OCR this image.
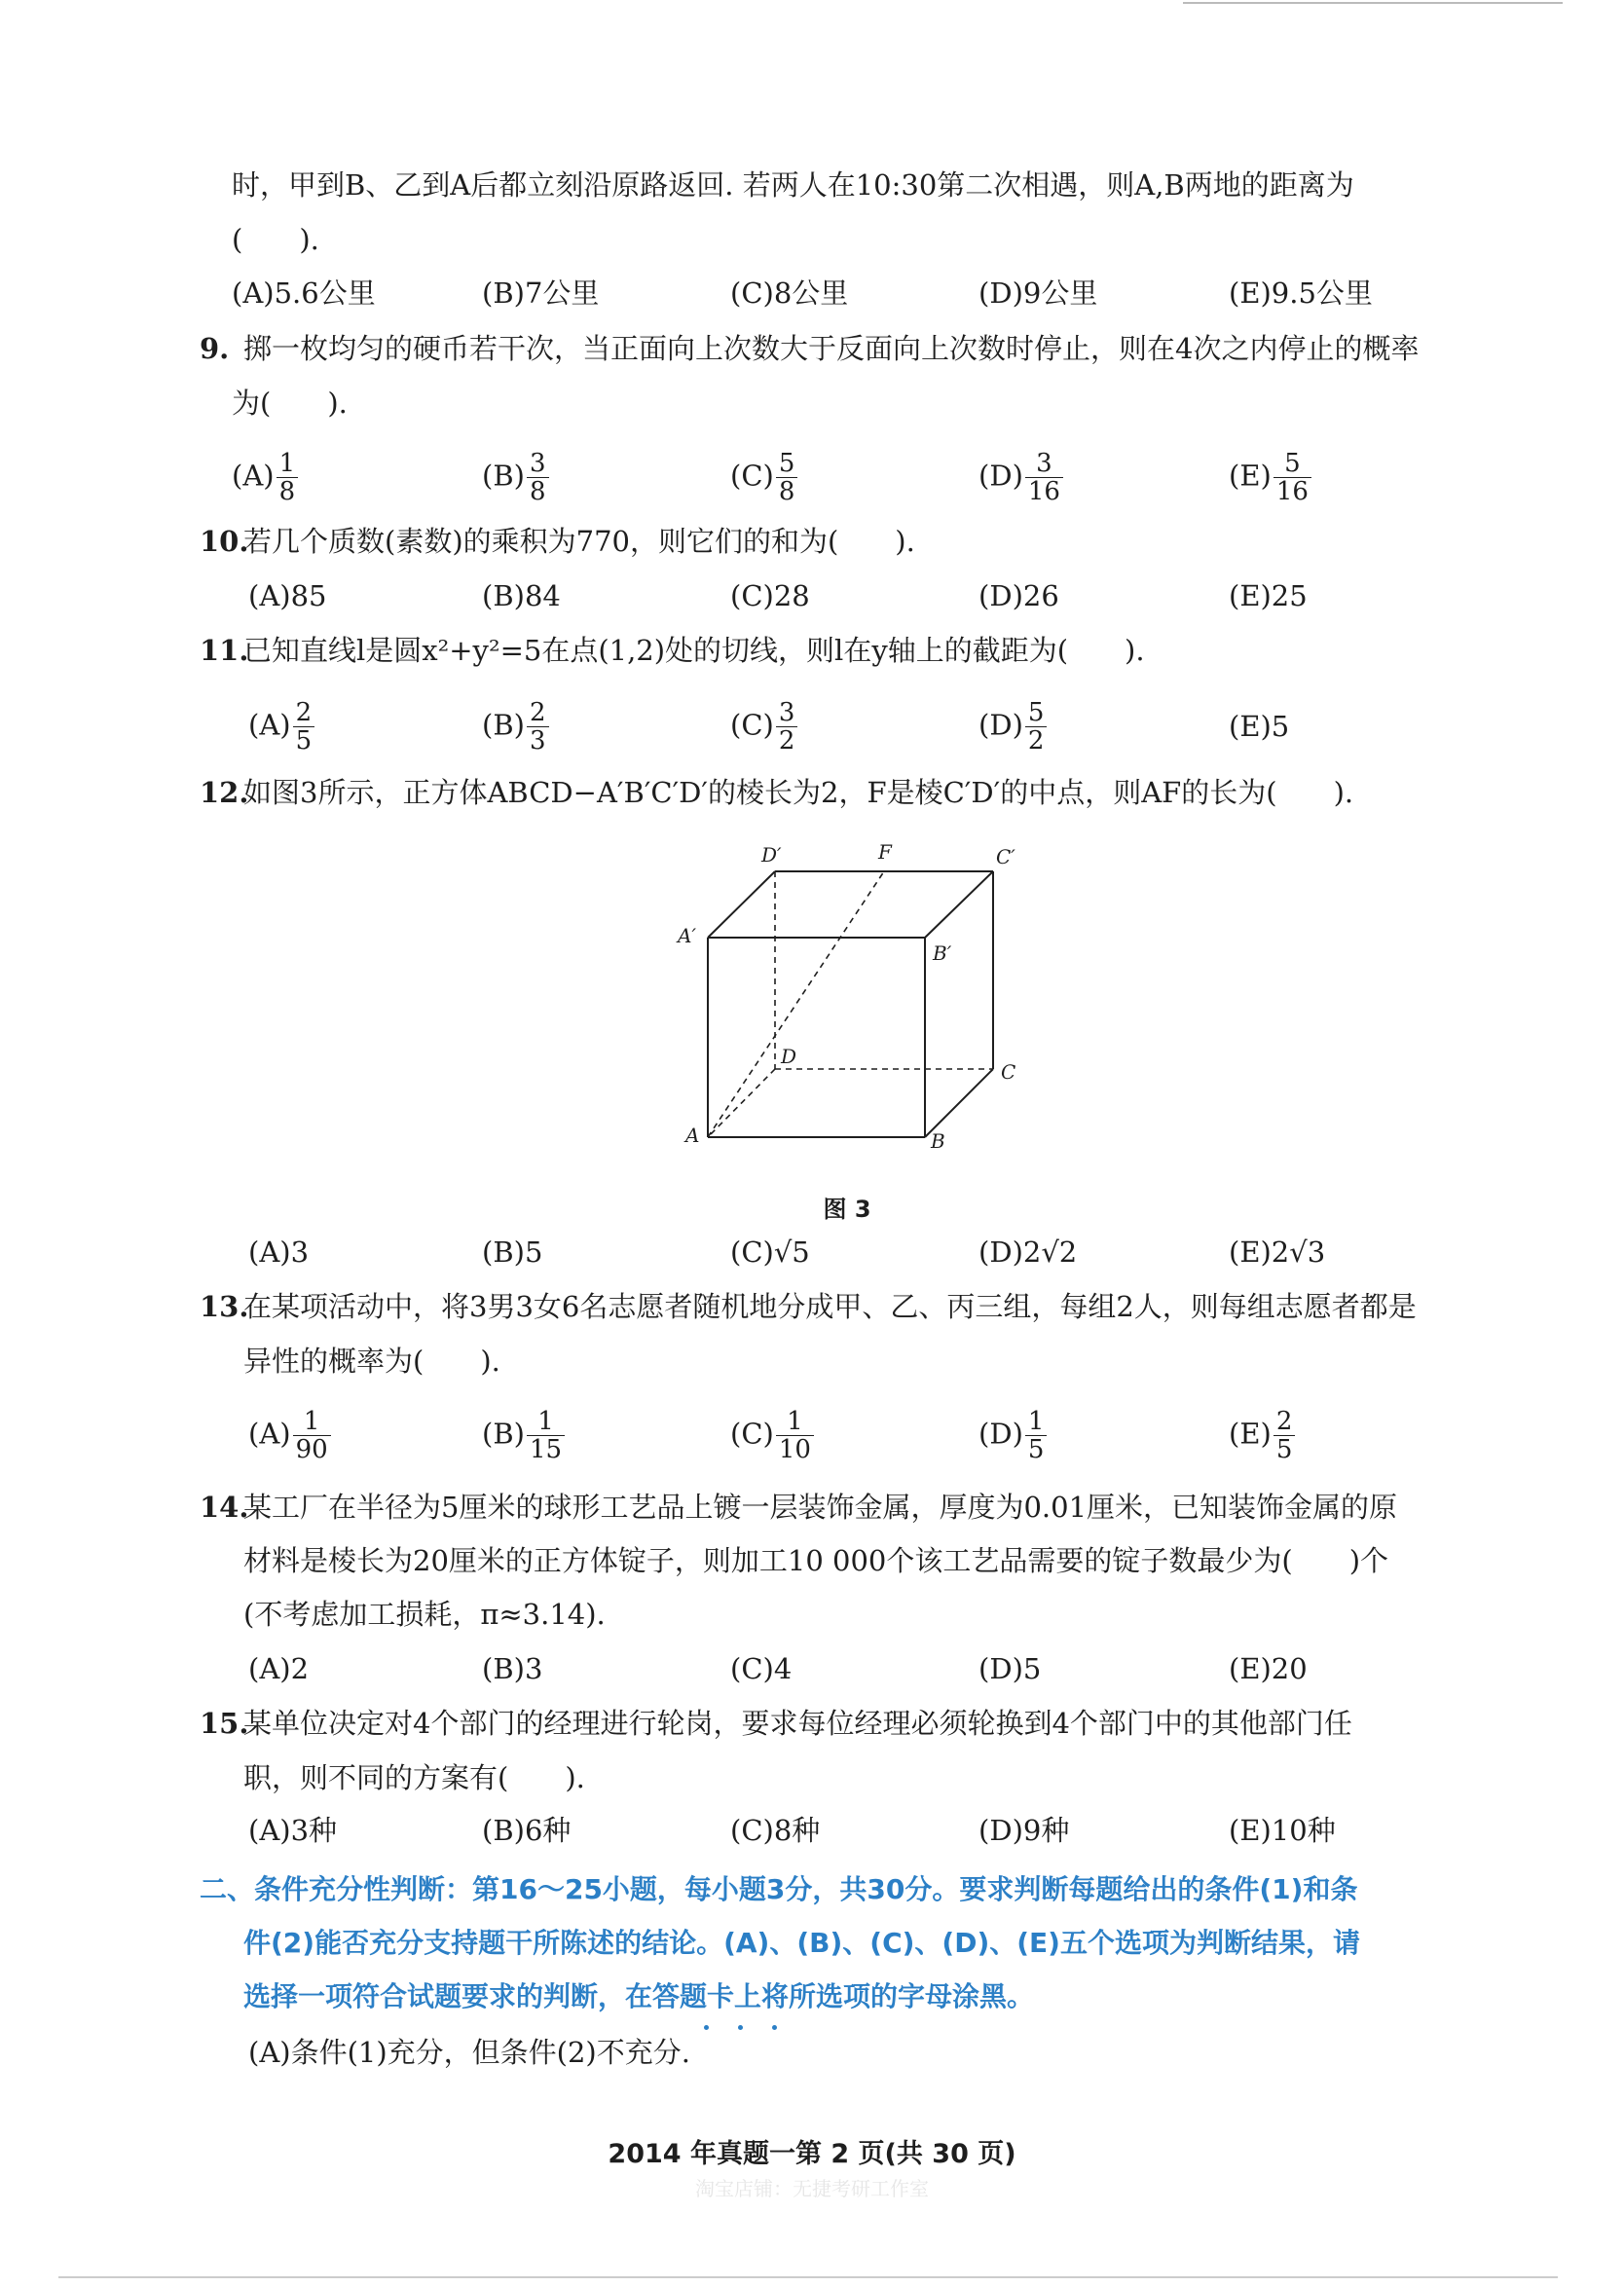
时，甲到B、乙到A后都立刻沿原路返回. 若两人在10:30第二次相遇，则A,B两地的距离为
(　　).
(A)5.6公里	(B)7公里	(C)8公里	(D)9公里	(E)9.5公里
9. 掷一枚均匀的硬币若干次，当正面向上次数大于反面向上次数时停止，则在4次之内停止的概率
为(　　).
$(A) \frac{1}{8}$	$(B) \frac{3}{8}$	$(C) \frac{5}{8}$	$(D) \frac{3}{16}$	$(E) \frac{5}{16}$
10.
若几个质数(素数)的乘积为770，则它们的和为(　　).
(A)85	(B)84	(C)28	(D)26	(E)25
11.
已知直线l是圆x²+y²=5在点(1,2)处的切线，则l在y轴上的截距为(　　).
$(A) \frac{2}{5}$	$(B) \frac{2}{3}$	$(C) \frac{3}{2}$	$(D) \frac{5}{2}$	(E)5
12.
如图3所示，正方体ABCD−A′B′C′D′的棱长为2，F是棱C′D′的中点，则AF的长为(　　).
D′	F	C′
A′
B′
D
C
A	B
图 3
(A)3	(B)5	(C)√5	(D)2√2	(E)2√3
13.
在某项活动中，将3男3女6名志愿者随机地分成甲、乙、丙三组，每组2人，则每组志愿者都是
异性的概率为(　　).
$(A) \frac{1}{90}$	$(B) \frac{1}{15}$	$(C) \frac{1}{10}$	$(D) \frac{1}{5}$	$(E) \frac{2}{5}$
14.
某工厂在半径为5厘米的球形工艺品上镀一层装饰金属，厚度为0.01厘米，已知装饰金属的原
材料是棱长为20厘米的正方体锭子，则加工10 000个该工艺品需要的锭子数最少为(　　)个
(不考虑加工损耗，π≈3.14).
(A)2	(B)3	(C)4	(D)5	(E)20
15.
某单位决定对4个部门的经理进行轮岗，要求每位经理必须轮换到4个部门中的其他部门任
职，则不同的方案有(　　).
(A)3种	(B)6种	(C)8种	(D)9种	(E)10种
二、条件充分性判断：第16～25小题，每小题3分，共30分。要求判断每题给出的条件(1)和条
件(2)能否充分支持题干所陈述的结论。(A)、(B)、(C)、(D)、(E)五个选项为判断结果，请
选择一项符合试题要求的判断，在答题卡上将所选项的字母涂黑。
(A)条件(1)充分，但条件(2)不充分.
2014 年真题一第 2 页(共 30 页)
淘宝店铺：无捷考研工作室
